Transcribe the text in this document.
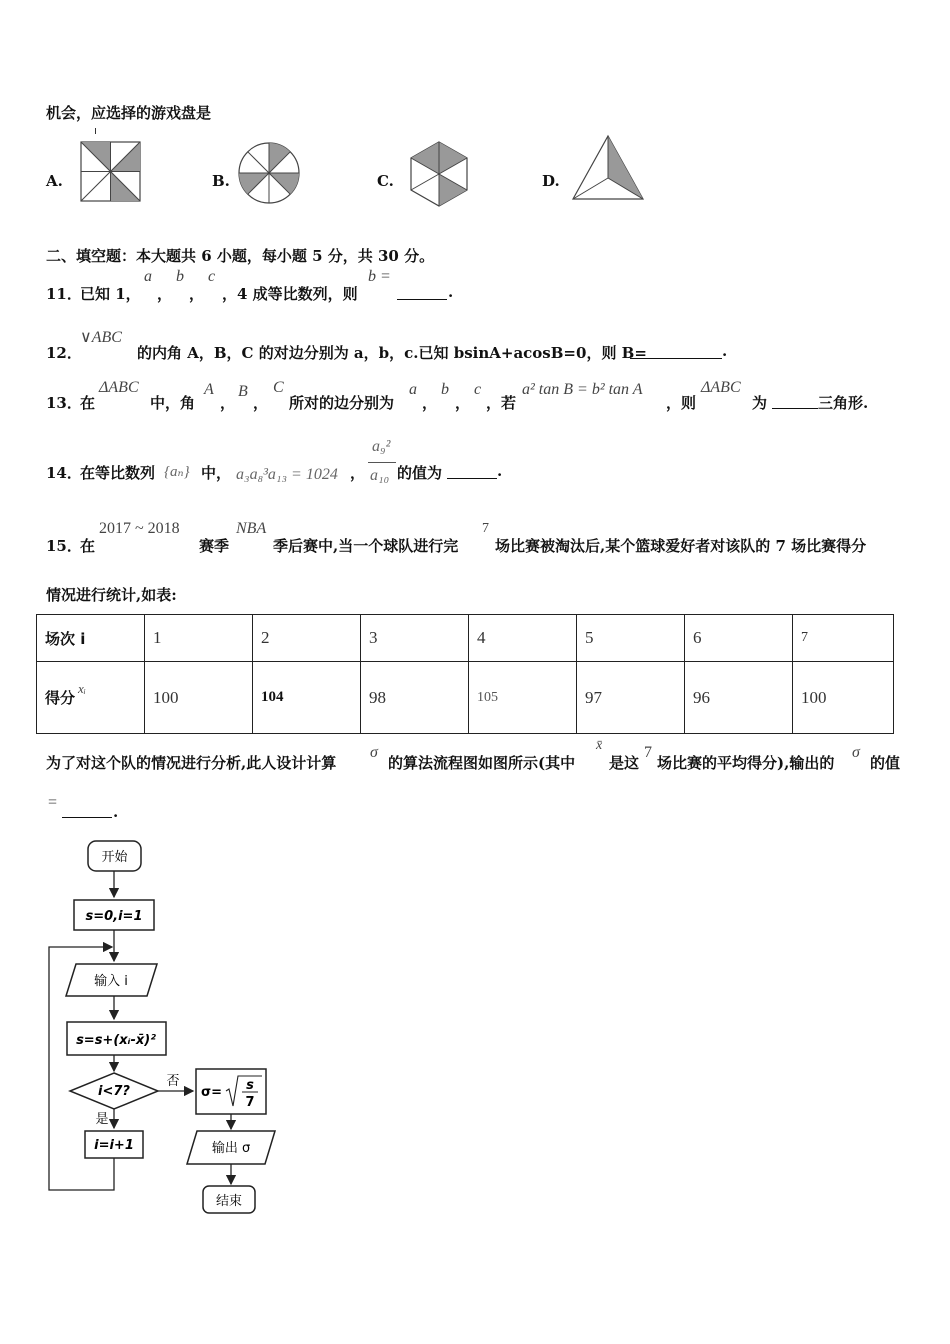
机会，应选择的游戏盘是
A.	B.	C.	D.
二、填空题：本大题共 6 小题，每小题 5 分，共 30 分。
11．
已知 1，
a
，
b
，
c
，4 成等比数列，则
b =
.
12．
∨ABC
的内角 A，B，C 的对边分别为 a，b，c.已知 bsinA+acosB=0，则 B=	.
13．
在
ΔABC
中，角
A
，
B
，
C
所对的边分别为
a
，
b
，
c
，若
a² tan B = b² tan A
，则
ΔABC
为	三角形.
14．
在等比数列 {aₙ} 中， a₃a₈³a₁₃ = 1024 ，
a₉²
a₁₀ 的值为	.
15．
在
2017 ~ 2018
赛季
NBA
季后赛中,当一个球队进行完
7
场比赛被淘汰后,某个篮球爱好者对该队的 7 场比赛得分
情况进行统计,如表:
场次 i	1	2	3	4	5	6	7
得分xᵢ	100	104	98	105	97	96	100
为了对这个队的情况进行分析,此人设计计算
σ
的算法流程图如图所示(其中
x̄
是这
7
场比赛的平均得分),输出的
σ
的值
=
.
开始
s=0,i=1
输入 i
s=s+(xᵢ-x̄)²
i<7?
否
σ= s
7
输出 σ
结束
是
i=i+1
